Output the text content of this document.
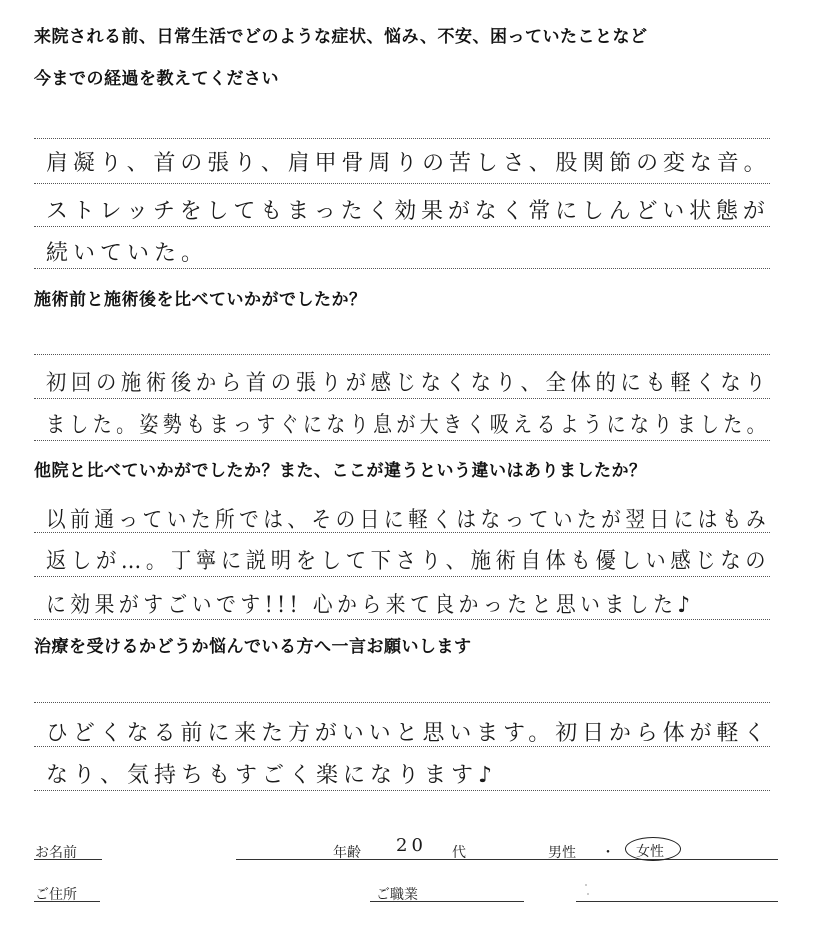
来院される前、日常生活でどのような症状、悩み、不安、困っていたことなど
今までの経過を教えてください
肩凝り、首の張り、肩甲骨周りの苦しさ、股関節の変な音。
ストレッチをしてもまったく効果がなく常にしんどい状態が
続いていた。
施術前と施術後を比べていかがでしたか？
初回の施術後から首の張りが感じなくなり、全体的にも軽くなり
ました。姿勢もまっすぐになり息が大きく吸えるようになりました。
他院と比べていかがでしたか？また、ここが違うという違いはありましたか？
以前通っていた所では、その日に軽くはなっていたが翌日にはもみ
返しが…。丁寧に説明をして下さり、施術自体も優しい感じなの
に効果がすごいです!!! 心から来て良かったと思いました♪
治療を受けるかどうか悩んでいる方へ一言お願いします
ひどくなる前に来た方がいいと思います。初日から体が軽く
なり、気持ちもすごく楽になります♪
お名前	年齢 20 代	男性 ・ 女性
ご住所	ご職業
